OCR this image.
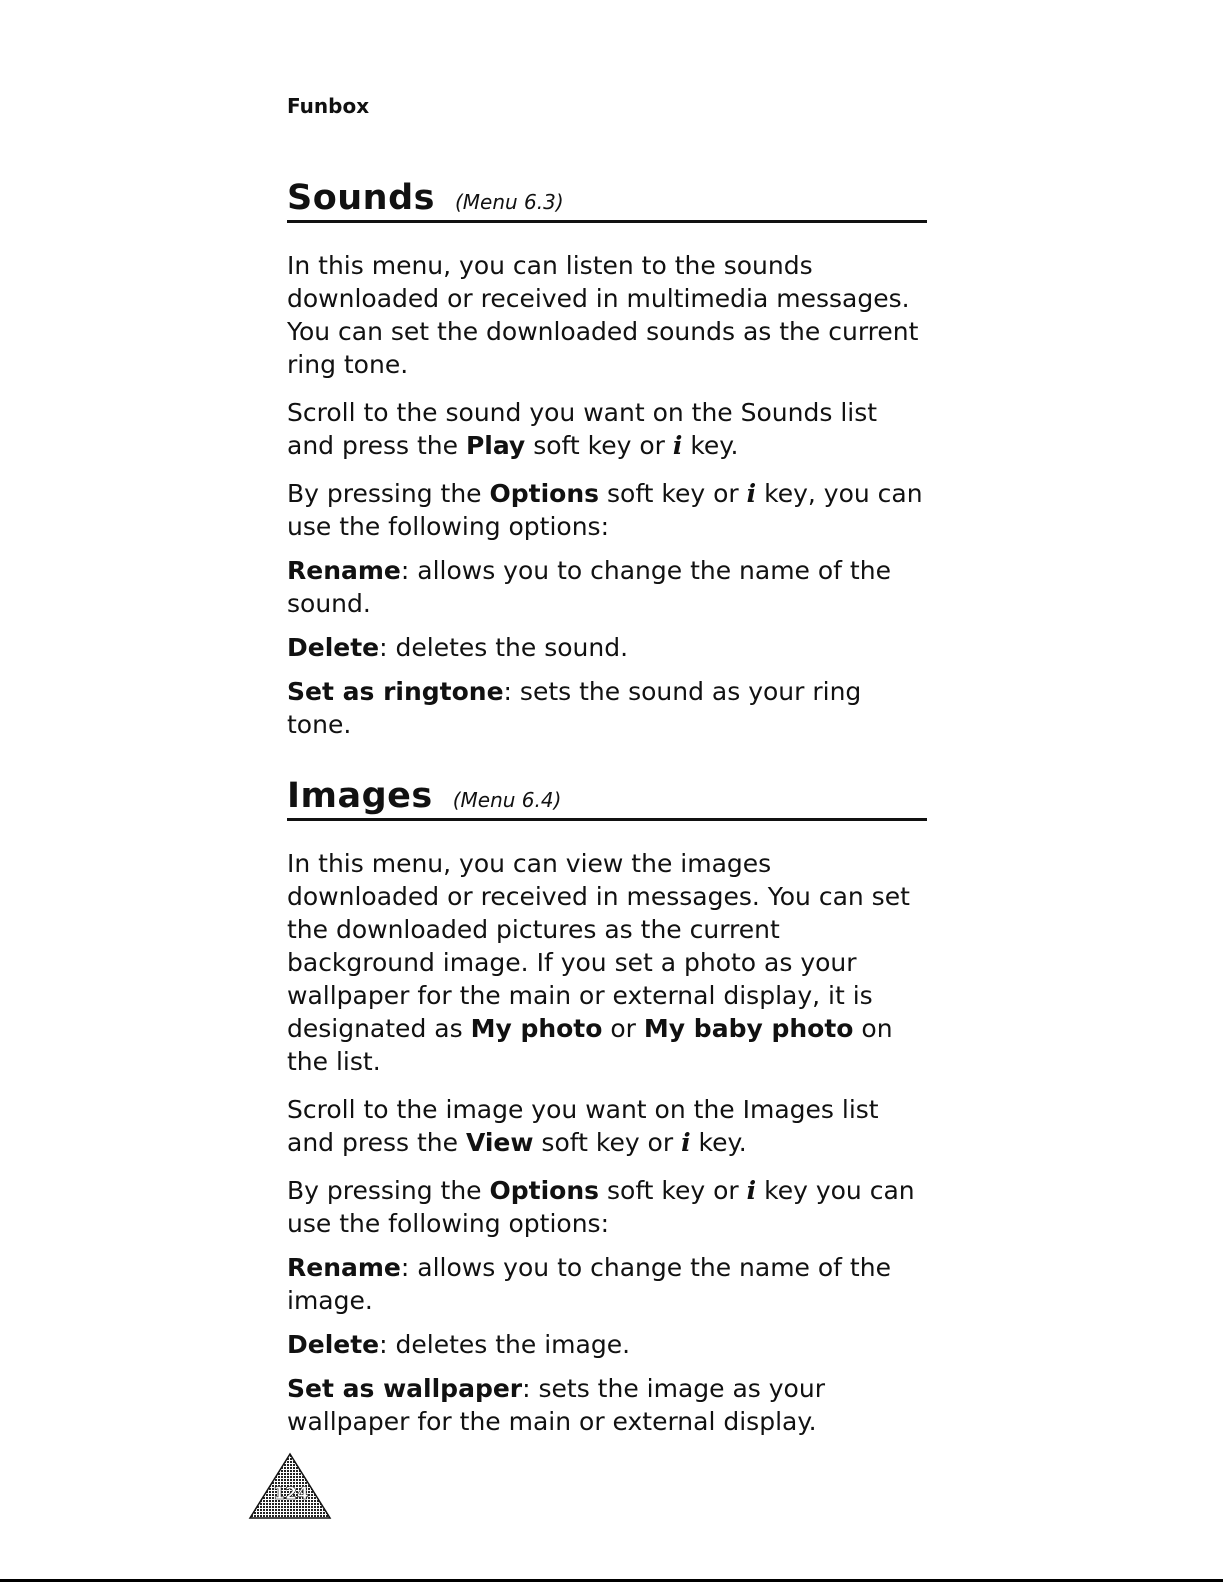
Funbox
Sounds (Menu 6.3)

In this menu, you can listen to the sounds downloaded or received in multimedia messages. You can set the downloaded sounds as the current ring tone.

Scroll to the sound you want on the Sounds list and press the Play soft key or i key.

By pressing the Options soft key or i key, you can use the following options:

Rename: allows you to change the name of the sound.

Delete: deletes the sound.

Set as ringtone: sets the sound as your ring tone.

Images (Menu 6.4)

In this menu, you can view the images downloaded or received in messages. You can set the downloaded pictures as the current background image. If you set a photo as your wallpaper for the main or external display, it is designated as My photo or My baby photo on the list.

Scroll to the image you want on the Images list and press the View soft key or i key.

By pressing the Options soft key or i key you can use the following options:

Rename: allows you to change the name of the image.

Delete: deletes the image.

Set as wallpaper: sets the image as your wallpaper for the main or external display.

124
